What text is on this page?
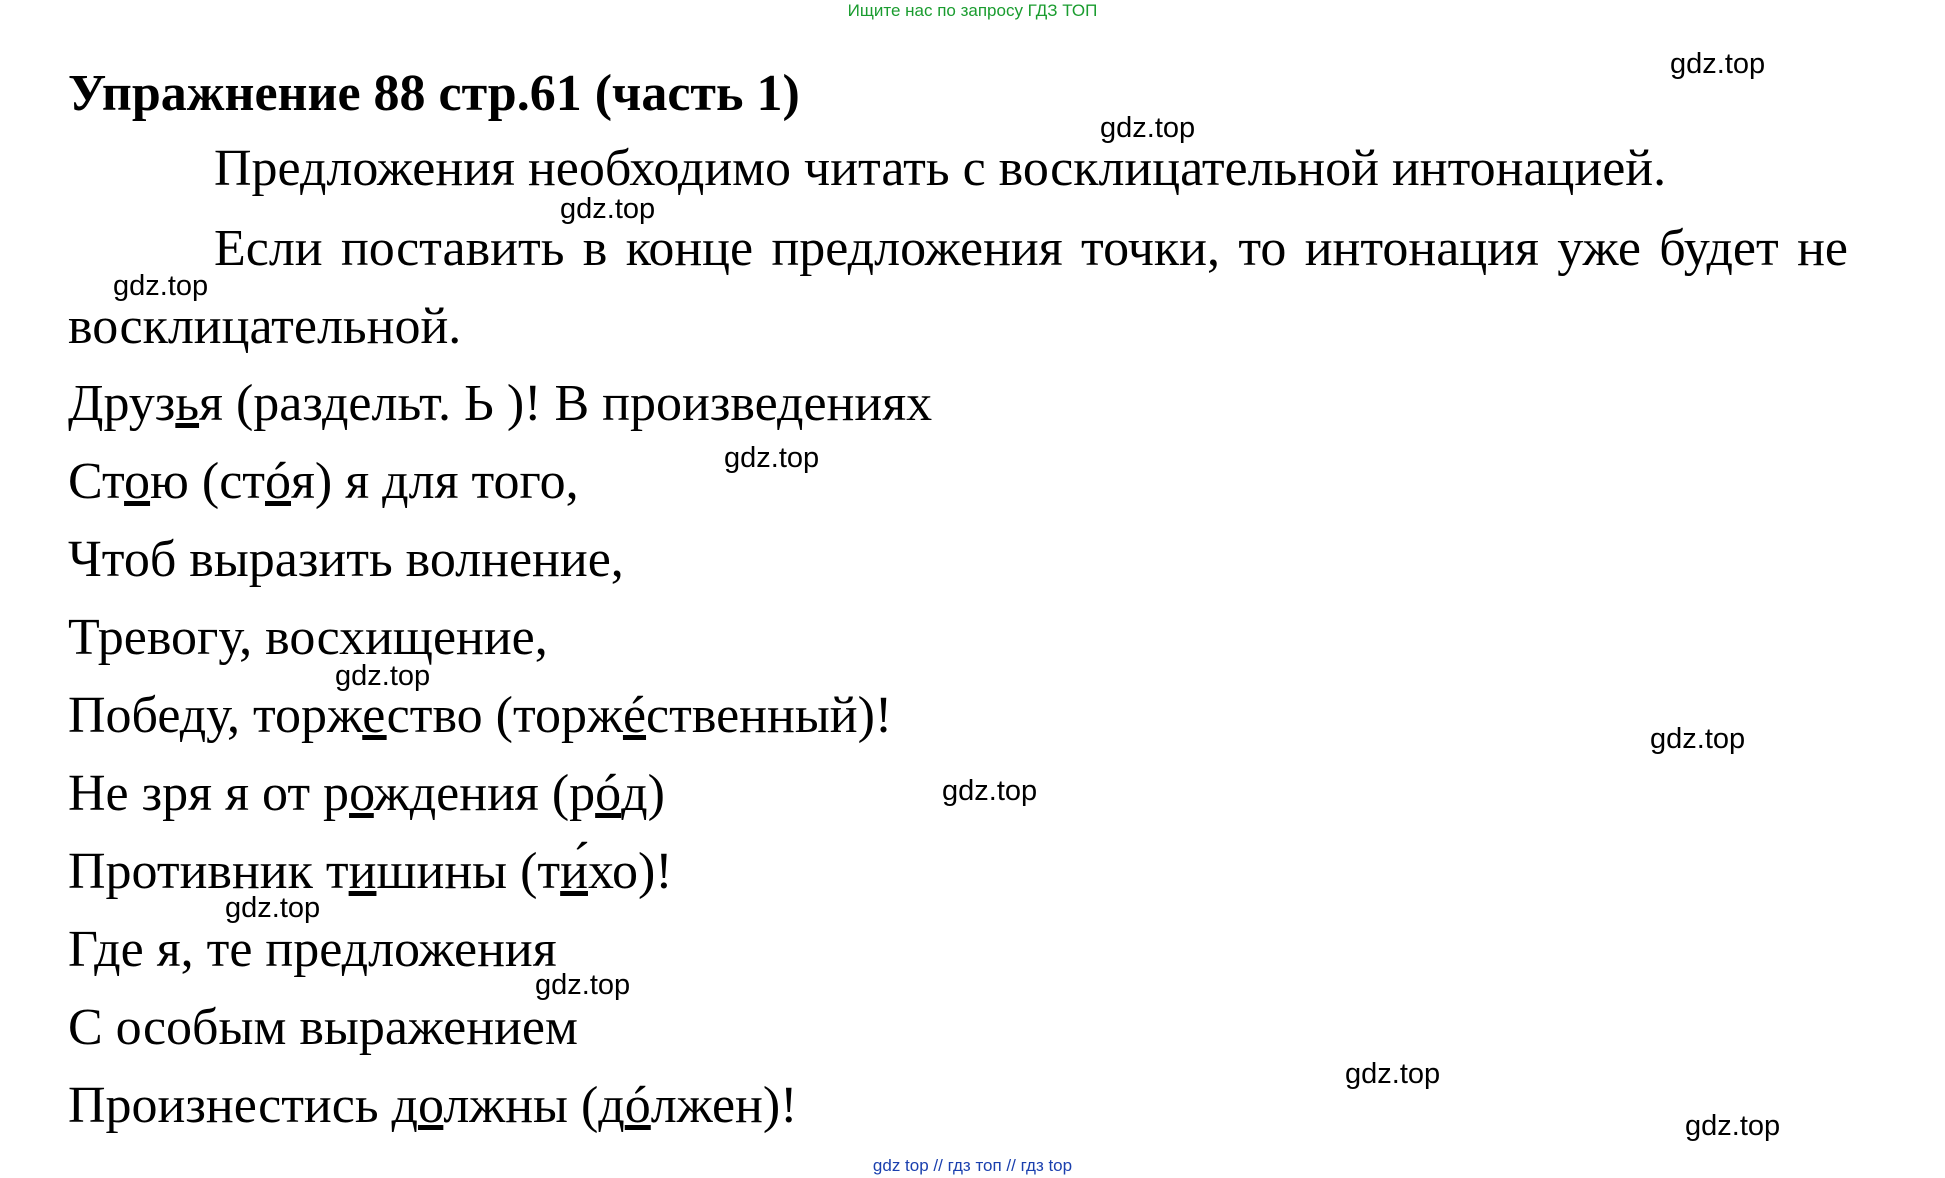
Ищите нас по запросу ГДЗ ТОП
Упражнение 88 стр.61 (часть 1)

Предложения необходимо читать с восклицательной интонацией.

Если поставить в конце предложения точки, то интонация уже будет не восклицательной.

Друзья (раздельт. Ь )! В произведениях
Стою (стóя) я для того,
Чтоб выразить волнение,
Тревогу, восхищение,
Победу, торжество (торжéственный)!
Не зря я от рождения (рóд)
Противник тишины (ти́хо)!
Где я, те предложения
С особым выражением
Произнестись должны (дóлжен)!
gdz.top
gdz.top
gdz.top
gdz.top
gdz.top
gdz.top
gdz.top
gdz.top
gdz.top
gdz.top
gdz.top
gdz.top
gdz top // гдз топ // гдз top
